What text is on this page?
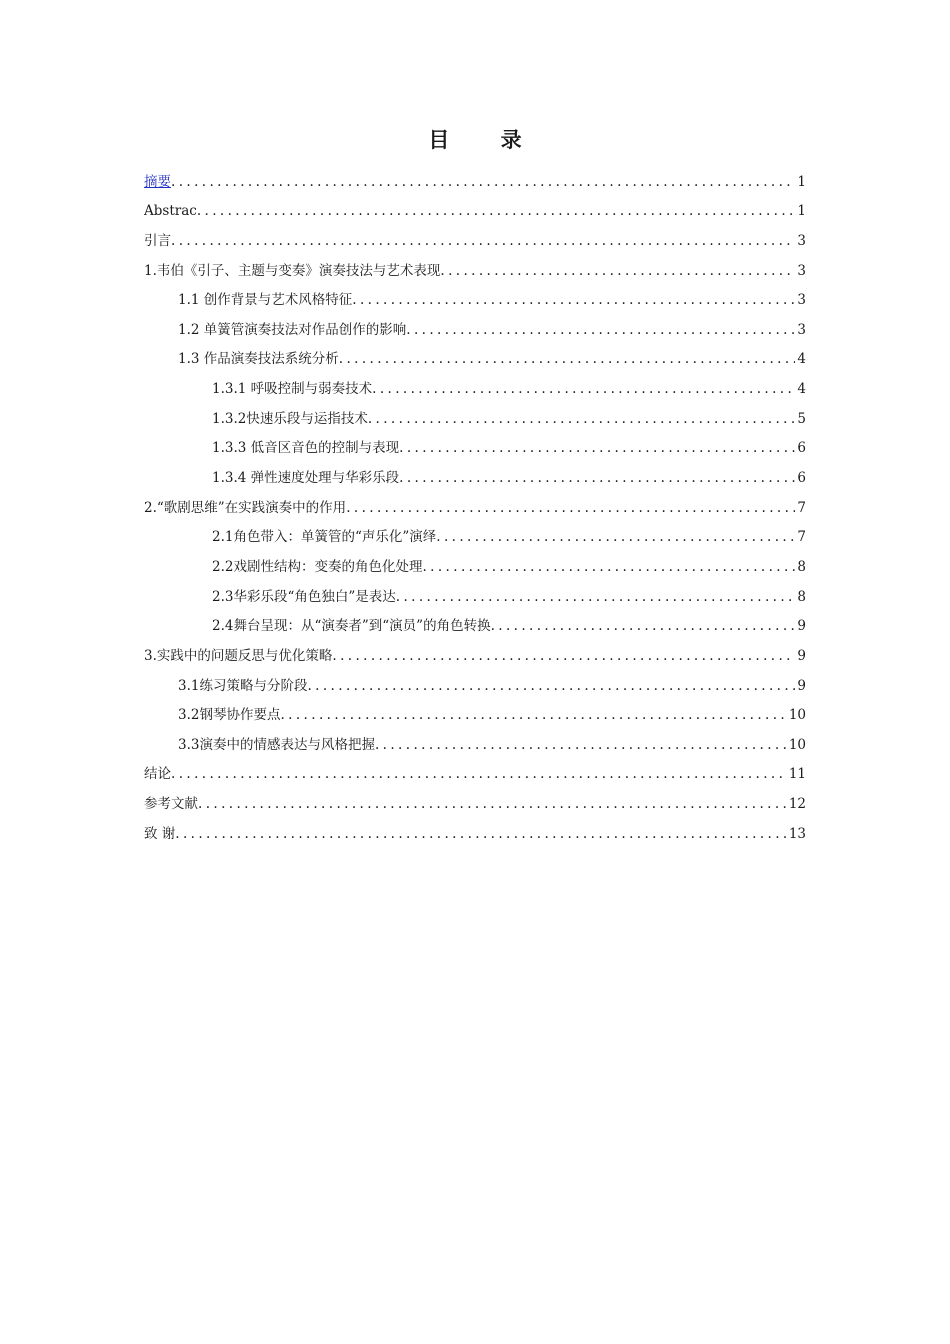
目 录
摘要 .....	1
Abstrac .....	1
引言 .....	3
1.韦伯《引子、主题与变奏》演奏技法与艺术表现 .....	3
1.1 创作背景与艺术风格特征 .....	3
1.2 单簧管演奏技法对作品创作的影响 .....	3
1.3 作品演奏技法系统分析 .....	4
1.3.1 呼吸控制与弱奏技术 .....	4
1.3.2快速乐段与运指技术 .....	5
1.3.3 低音区音色的控制与表现 .....	6
1.3.4 弹性速度处理与华彩乐段 .....	6
2.“歌剧思维”在实践演奏中的作用 .....	7
2.1角色带入：单簧管的“声乐化”演绎 .....	7
2.2戏剧性结构：变奏的角色化处理 .....	8
2.3华彩乐段“角色独白”是表达 .....	8
2.4舞台呈现：从“演奏者”到“演员”的角色转换 .....	9
3.实践中的问题反思与优化策略 .....	9
3.1练习策略与分阶段 .....	9
3.2钢琴协作要点 .....	10
3.3演奏中的情感表达与风格把握 .....	10
结论 .....	11
参考文献 .....	12
致 谢 .....	13
